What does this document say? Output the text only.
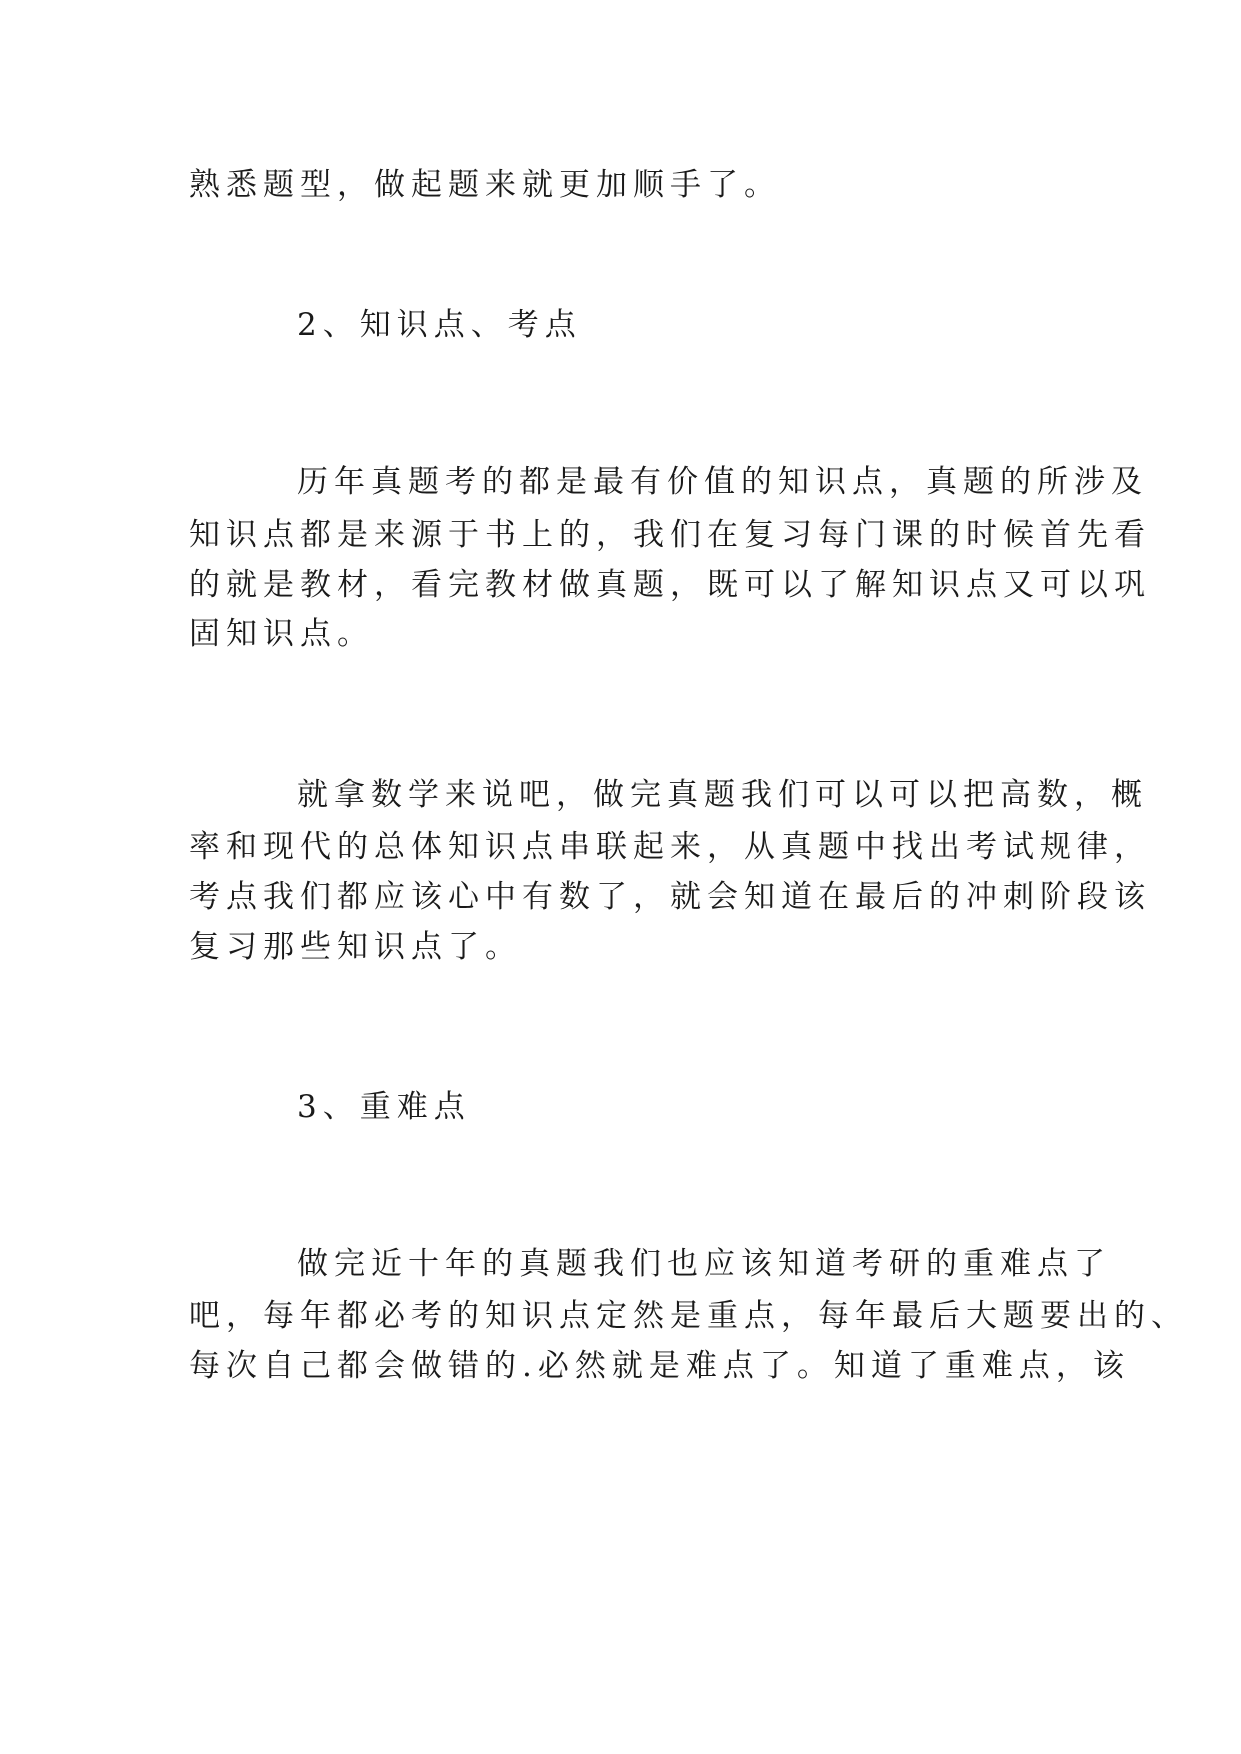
熟悉题型，做起题来就更加顺手了。

2、知识点、考点

历年真题考的都是最有价值的知识点，真题的所涉及

知识点都是来源于书上的，我们在复习每门课的时候首先看

的就是教材，看完教材做真题，既可以了解知识点又可以巩

固知识点。

就拿数学来说吧，做完真题我们可以可以把高数，概

率和现代的总体知识点串联起来，从真题中找出考试规律，

考点我们都应该心中有数了，就会知道在最后的冲刺阶段该

复习那些知识点了。

3、重难点

做完近十年的真题我们也应该知道考研的重难点了

吧，每年都必考的知识点定然是重点，每年最后大题要出的、

每次自己都会做错的.必然就是难点了。知道了重难点，该
